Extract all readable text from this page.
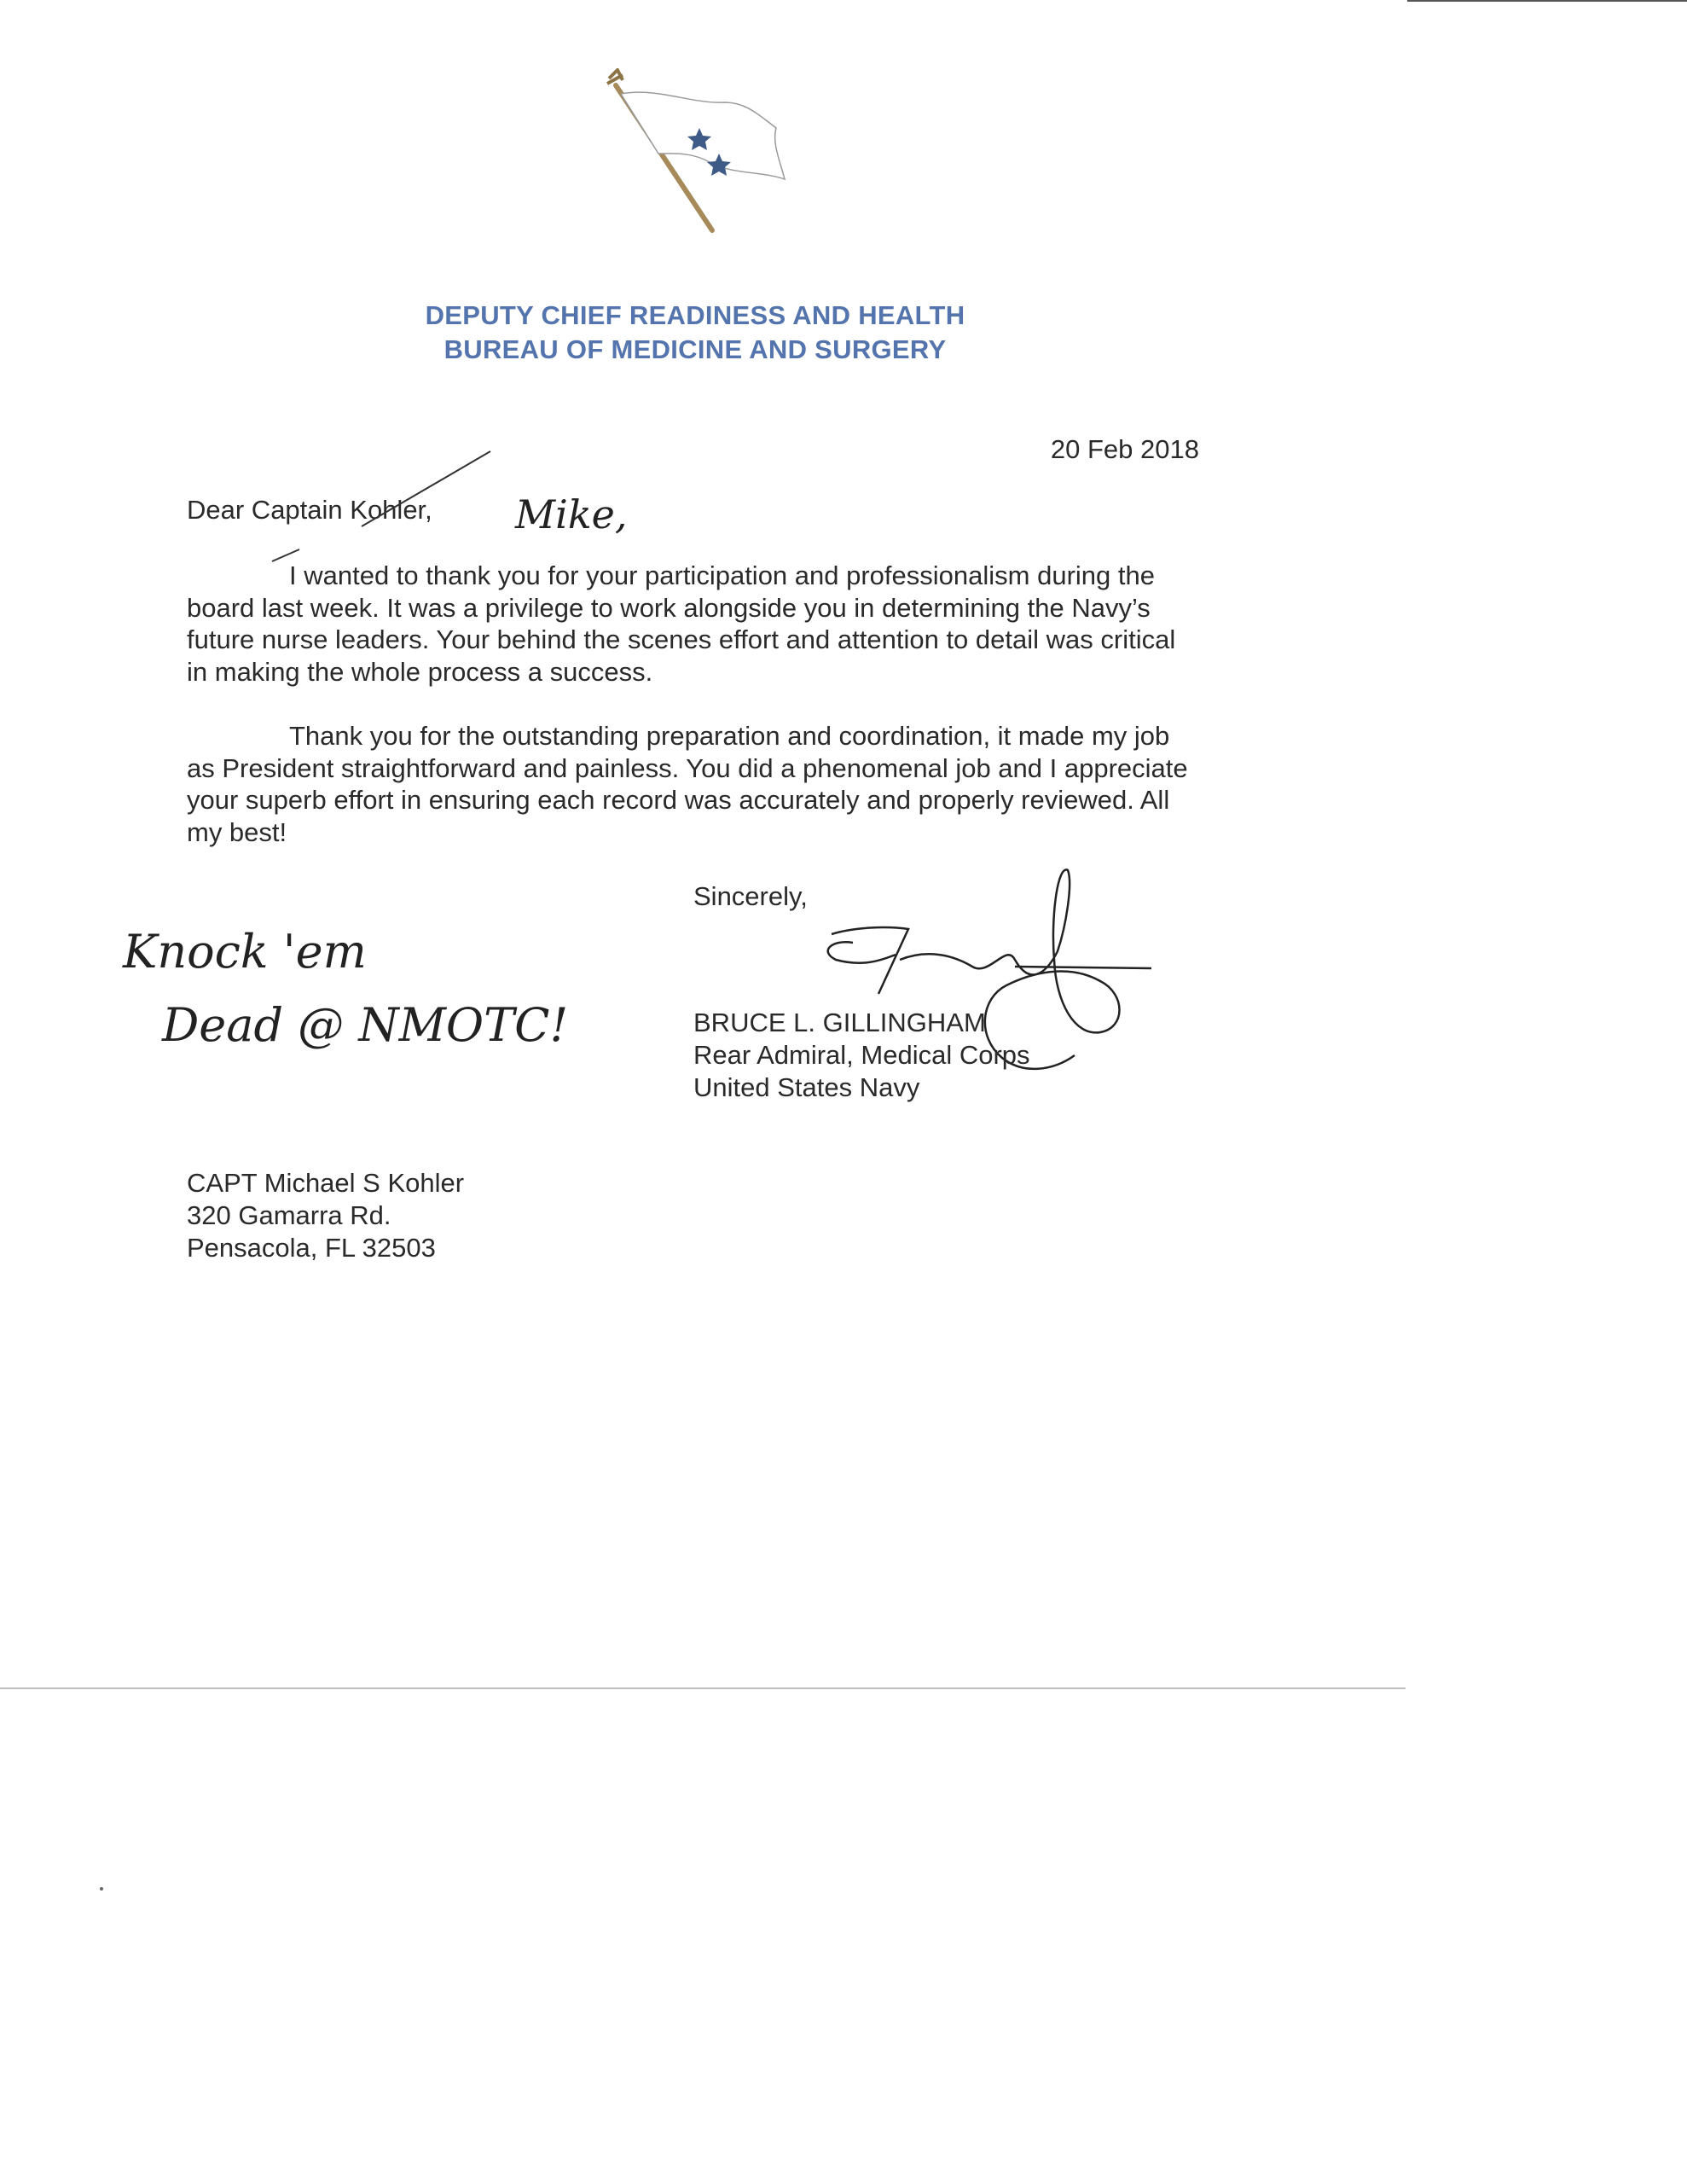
DEPUTY CHIEF READINESS AND HEALTH
BUREAU OF MEDICINE AND SURGERY
20 Feb 2018
Dear Captain Kohler, Mike,
I wanted to thank you for your participation and professionalism during the board last week. It was a privilege to work alongside you in determining the Navy’s future nurse leaders. Your behind the scenes effort and attention to detail was critical in making the whole process a success.
Thank you for the outstanding preparation and coordination, it made my job as President straightforward and painless. You did a phenomenal job and I appreciate your superb effort in ensuring each record was accurately and properly reviewed. All my best!
Sincerely,
BRUCE L. GILLINGHAM
Rear Admiral, Medical Corps
United States Navy
Knock 'em
Dead @ NMOTC!
CAPT Michael S Kohler
320 Gamarra Rd.
Pensacola, FL 32503
